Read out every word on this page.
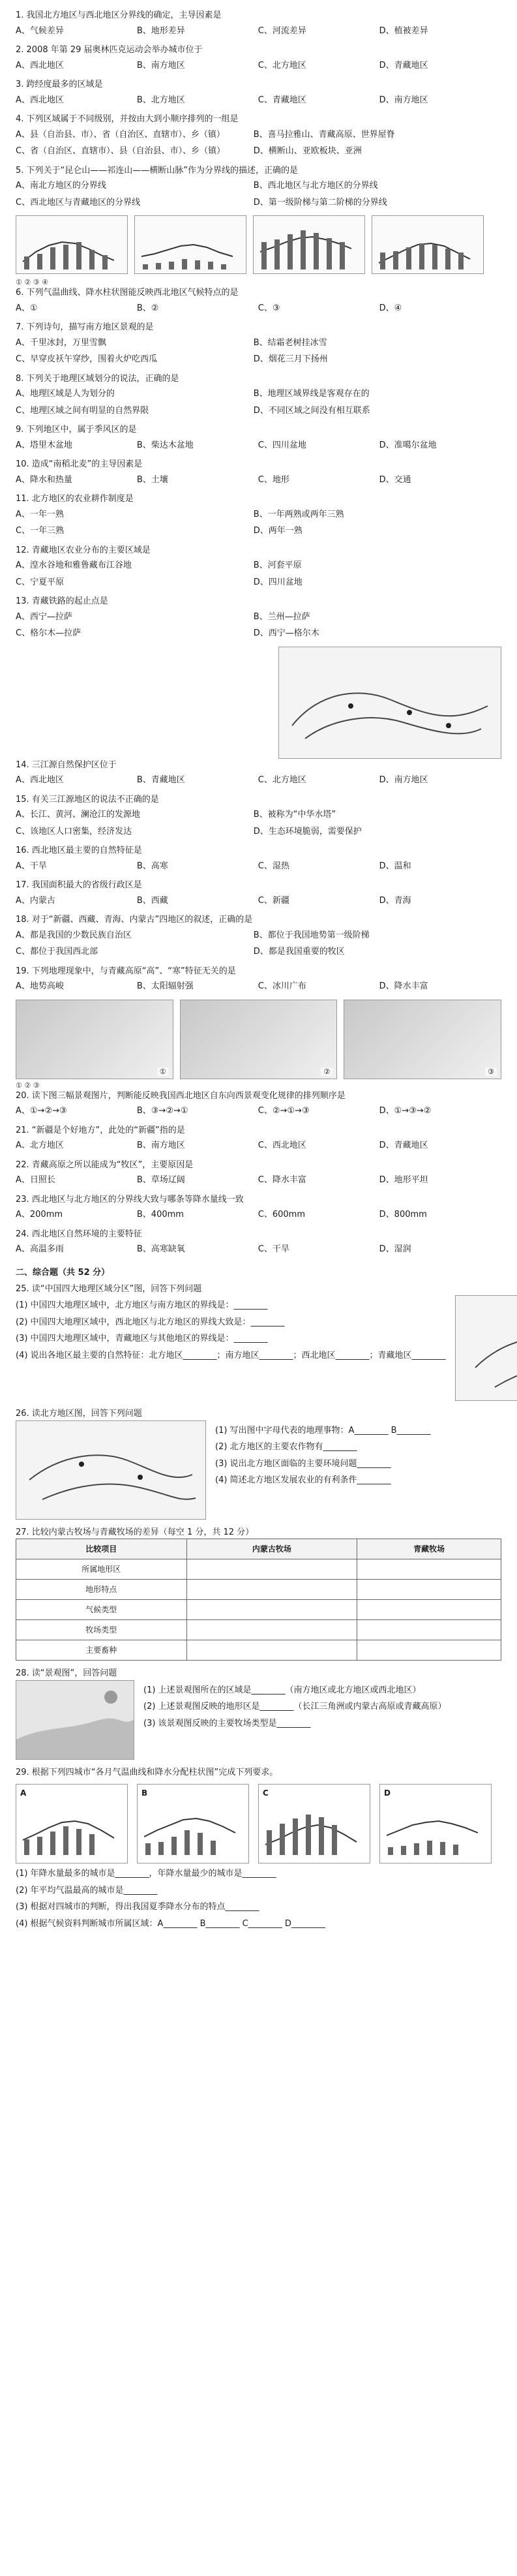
1. 我国北方地区与西北地区分界线的确定，主导因素是
A、气候差异	B、地形差异	C、河流差异	D、植被差异
2. 2008 年第 29 届奥林匹克运动会举办城市位于
A、西北地区	B、南方地区	C、北方地区	D、青藏地区
3. 跨经度最多的区域是
A、西北地区	B、北方地区	C、青藏地区	D、南方地区
4. 下列区域属于不同级别，并按由大到小顺序排列的一组是
A、县（自治县、市）、省（自治区、直辖市）、乡（镇）	B、喜马拉雅山、青藏高原、世界屋脊
C、省（自治区、直辖市）、县（自治县、市）、乡（镇）	D、横断山、亚欧板块、亚洲
5. 下列关于“昆仑山——祁连山——横断山脉”作为分界线的描述，正确的是
A、南北方地区的分界线	B、西北地区与北方地区的分界线
C、西北地区与青藏地区的分界线	D、第一级阶梯与第二阶梯的分界线
① ② ③ ④
6. 下列气温曲线、降水柱状图能反映西北地区气候特点的是
A、①	B、②	C、③	D、④
7. 下列诗句，描写南方地区景观的是
A、千里冰封，万里雪飘	B、结霜老树挂冰雪
C、早穿皮袄午穿纱，围着火炉吃西瓜	D、烟花三月下扬州
8. 下列关于地理区域划分的说法，正确的是
A、地理区域是人为划分的	B、地理区域界线是客观存在的
C、地理区域之间有明显的自然界限	D、不同区域之间没有相互联系
9. 下列地区中，属于季风区的是
A、塔里木盆地	B、柴达木盆地	C、四川盆地	D、准噶尔盆地
10. 造成“南稻北麦”的主导因素是
A、降水和热量	B、土壤	C、地形	D、交通
11. 北方地区的农业耕作制度是
A、一年一熟	B、一年两熟或两年三熟
C、一年三熟	D、两年一熟
12. 青藏地区农业分布的主要区域是
A、湟水谷地和雅鲁藏布江谷地	B、河套平原
C、宁夏平原	D、四川盆地
13. 青藏铁路的起止点是
A、西宁—拉萨	B、兰州—拉萨
C、格尔木—拉萨	D、西宁—格尔木
14. 三江源自然保护区位于
A、西北地区	B、青藏地区	C、北方地区	D、南方地区
15. 有关三江源地区的说法不正确的是
A、长江、黄河、澜沧江的发源地	B、被称为“中华水塔”
C、该地区人口密集，经济发达	D、生态环境脆弱，需要保护
16. 西北地区最主要的自然特征是
A、干旱	B、高寒	C、湿热	D、温和
17. 我国面积最大的省级行政区是
A、内蒙古	B、西藏	C、新疆	D、青海
18. 对于“新疆、西藏、青海、内蒙古”四地区的叙述，正确的是
A、都是我国的少数民族自治区	B、都位于我国地势第一级阶梯
C、都位于我国西北部	D、都是我国重要的牧区
19. 下列地理现象中，与青藏高原“高”、“寒”特征无关的是
A、地势高峻	B、太阳辐射强	C、冰川广布	D、降水丰富
①	②	③
① ② ③
20. 读下图三幅景观图片，判断能反映我国西北地区自东向西景观变化规律的排列顺序是
A、①→②→③	B、③→②→①	C、②→①→③	D、①→③→②
21. “新疆是个好地方”，此处的“新疆”指的是
A、北方地区	B、南方地区	C、西北地区	D、青藏地区
22. 青藏高原之所以能成为“牧区”，主要原因是
A、日照长	B、草场辽阔	C、降水丰富	D、地形平坦
23. 西北地区与北方地区的分界线大致与哪条等降水量线一致
A、200mm	B、400mm	C、600mm	D、800mm
24. 西北地区自然环境的主要特征
A、高温多雨	B、高寒缺氧	C、干旱	D、湿润
二、综合题（共 52 分）
25. 读“中国四大地理区域分区”图，回答下列问题
(1) 中国四大地理区域中，北方地区与南方地区的界线是：________
(2) 中国四大地理区域中，西北地区与北方地区的界线大致是：________
(3) 中国四大地理区域中，青藏地区与其他地区的界线是：________
(4) 说出各地区最主要的自然特征：北方地区________；南方地区________；西北地区________；青藏地区________
26. 读北方地区图，回答下列问题
(1) 写出图中字母代表的地理事物：A________ B________
(2) 北方地区的主要农作物有________
(3) 说出北方地区面临的主要环境问题________
(4) 简述北方地区发展农业的有利条件________
27. 比较内蒙古牧场与青藏牧场的差异（每空 1 分，共 12 分）
比较项目	内蒙古牧场	青藏牧场
所属地形区		
地形特点		
气候类型		
牧场类型		
主要畜种		
28. 读“景观图”，回答问题
(1) 上述景观图所在的区域是________（南方地区或北方地区或西北地区）
(2) 上述景观图反映的地形区是________（长江三角洲或内蒙古高原或青藏高原）
(3) 该景观图反映的主要牧场类型是________
29. 根据下列四城市“各月气温曲线和降水分配柱状图”完成下列要求。
A	B	C	D
(1) 年降水量最多的城市是________，年降水量最少的城市是________
(2) 年平均气温最高的城市是________
(3) 根据对四城市的判断，得出我国夏季降水分布的特点________
(4) 根据气候资料判断城市所属区域：A________ B________ C________ D________
